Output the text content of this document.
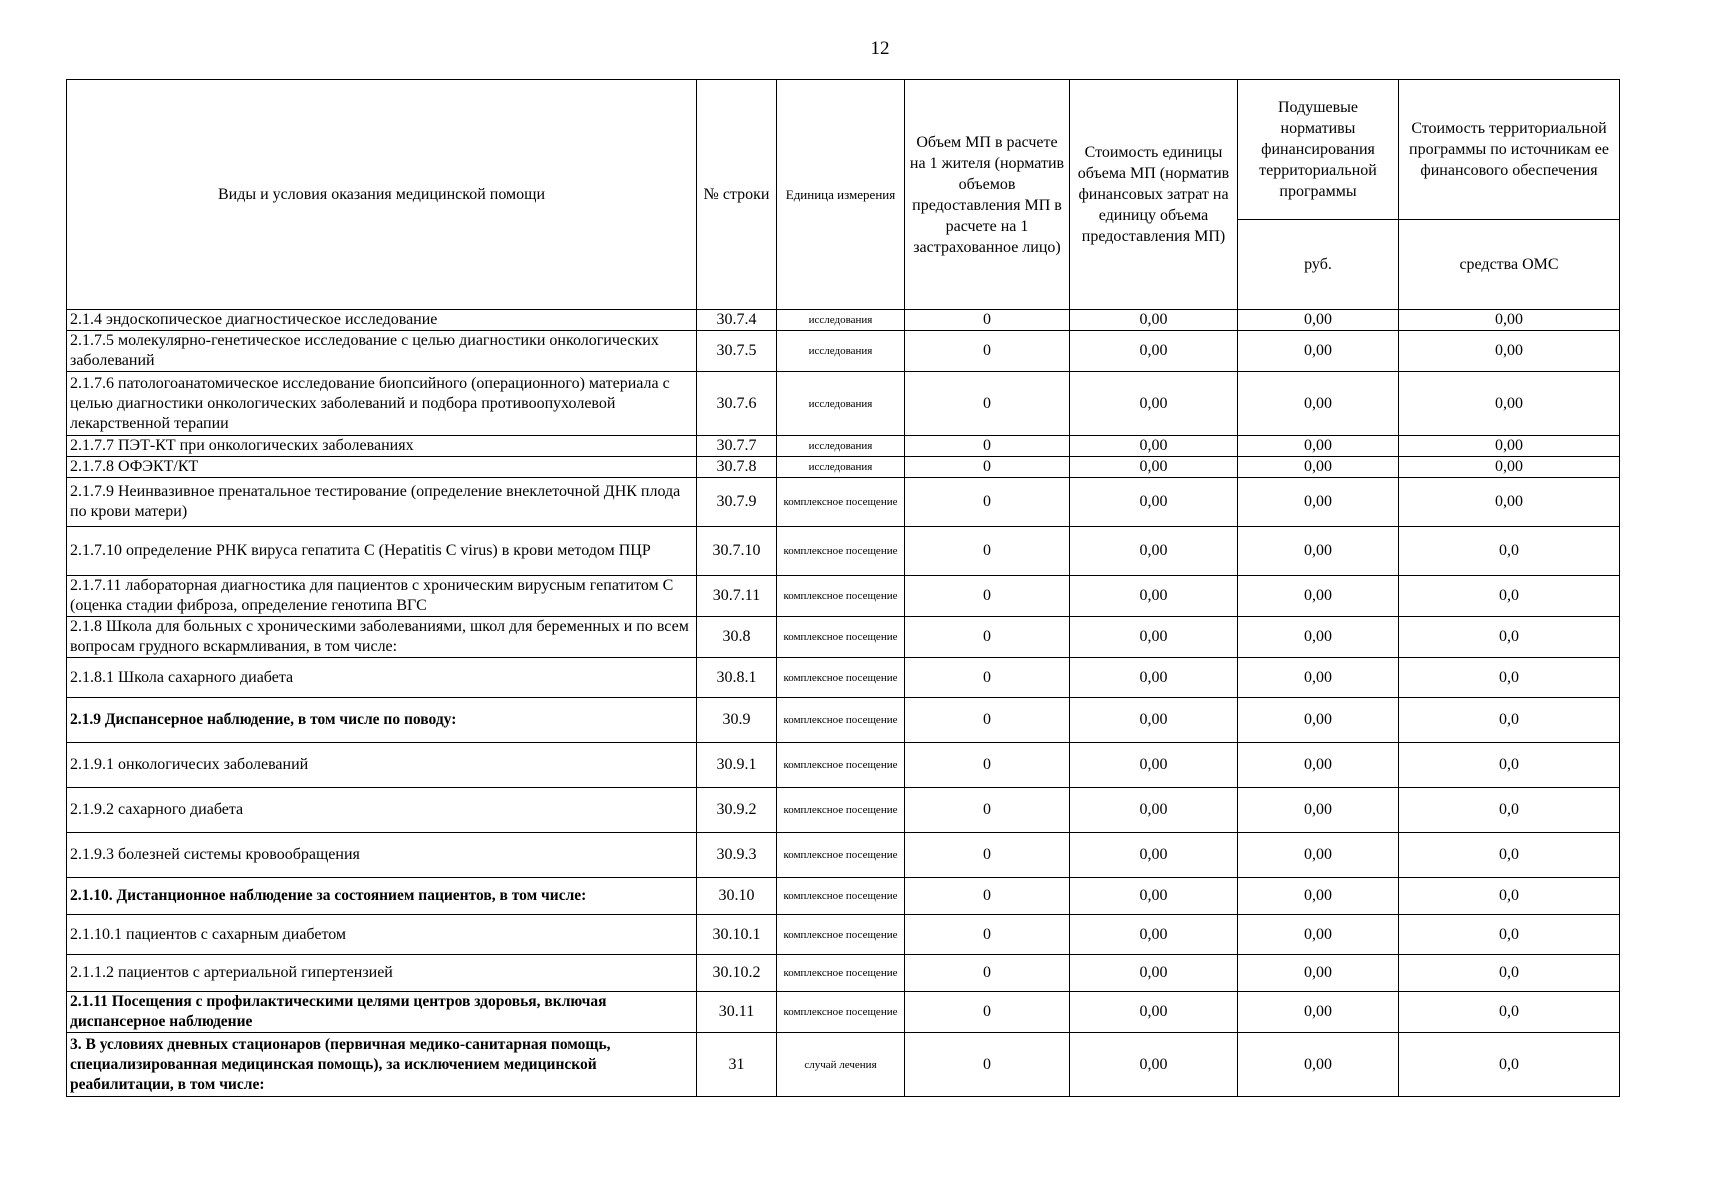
12
Виды и условия оказания медицинской помощи	№ строки	Единица измерения	Объем МП в расчете на 1 жителя (норматив объемов предоставления МП в расчете на 1 застрахованное лицо)	Стоимость единицы объема МП (норматив финансовых затрат на единицу объема предоставления МП)	Подушевые нормативы финансирования территориальной программы	Стоимость территориальной программы по источникам ее финансового обеспечения
					руб.	средства ОМС
2.1.4 эндоскопическое диагностическое исследование	30.7.4	исследования	0	0,00	0,00	0,00
2.1.7.5 молекулярно-генетическое исследование с целью диагностики онкологических заболеваний	30.7.5	исследования	0	0,00	0,00	0,00
2.1.7.6 патологоанатомическое исследование биопсийного (операционного) материала с целью диагностики онкологических заболеваний и подбора противоопухолевой лекарственной терапии	30.7.6	исследования	0	0,00	0,00	0,00
2.1.7.7 ПЭТ-КТ при онкологических заболеваниях	30.7.7	исследования	0	0,00	0,00	0,00
2.1.7.8 ОФЭКТ/КТ	30.7.8	исследования	0	0,00	0,00	0,00
2.1.7.9 Неинвазивное пренатальное тестирование (определение внеклеточной ДНК плода по крови матери)	30.7.9	комплексное посещение	0	0,00	0,00	0,00
2.1.7.10 определение РНК вируса гепатита С (Hepatitis C virus) в крови методом ПЦР	30.7.10	комплексное посещение	0	0,00	0,00	0,0
2.1.7.11 лабораторная диагностика для пациентов с хроническим вирусным гепатитом С (оценка стадии фиброза, определение генотипа ВГС	30.7.11	комплексное посещение	0	0,00	0,00	0,0
2.1.8 Школа для больных с хроническими заболеваниями, школ для беременных и по всем вопросам грудного вскармливания, в том числе:	30.8	комплексное посещение	0	0,00	0,00	0,0
2.1.8.1 Школа сахарного диабета	30.8.1	комплексное посещение	0	0,00	0,00	0,0
2.1.9 Диспансерное наблюдение, в том числе по поводу:	30.9	комплексное посещение	0	0,00	0,00	0,0
2.1.9.1 онкологичесих заболеваний	30.9.1	комплексное посещение	0	0,00	0,00	0,0
2.1.9.2 сахарного диабета	30.9.2	комплексное посещение	0	0,00	0,00	0,0
2.1.9.3 болезней системы кровообращения	30.9.3	комплексное посещение	0	0,00	0,00	0,0
2.1.10. Дистанционное наблюдение за состоянием пациентов, в том числе:	30.10	комплексное посещение	0	0,00	0,00	0,0
2.1.10.1 пациентов с сахарным диабетом	30.10.1	комплексное посещение	0	0,00	0,00	0,0
2.1.1.2 пациентов с артериальной гипертензией	30.10.2	комплексное посещение	0	0,00	0,00	0,0
2.1.11 Посещения с профилактическими целями центров здоровья, включая диспансерное наблюдение	30.11	комплексное посещение	0	0,00	0,00	0,0
3. В условиях дневных стационаров (первичная медико-санитарная помощь, специализированная медицинская помощь), за исключением медицинской реабилитации, в том числе:	31	случай лечения	0	0,00	0,00	0,0
